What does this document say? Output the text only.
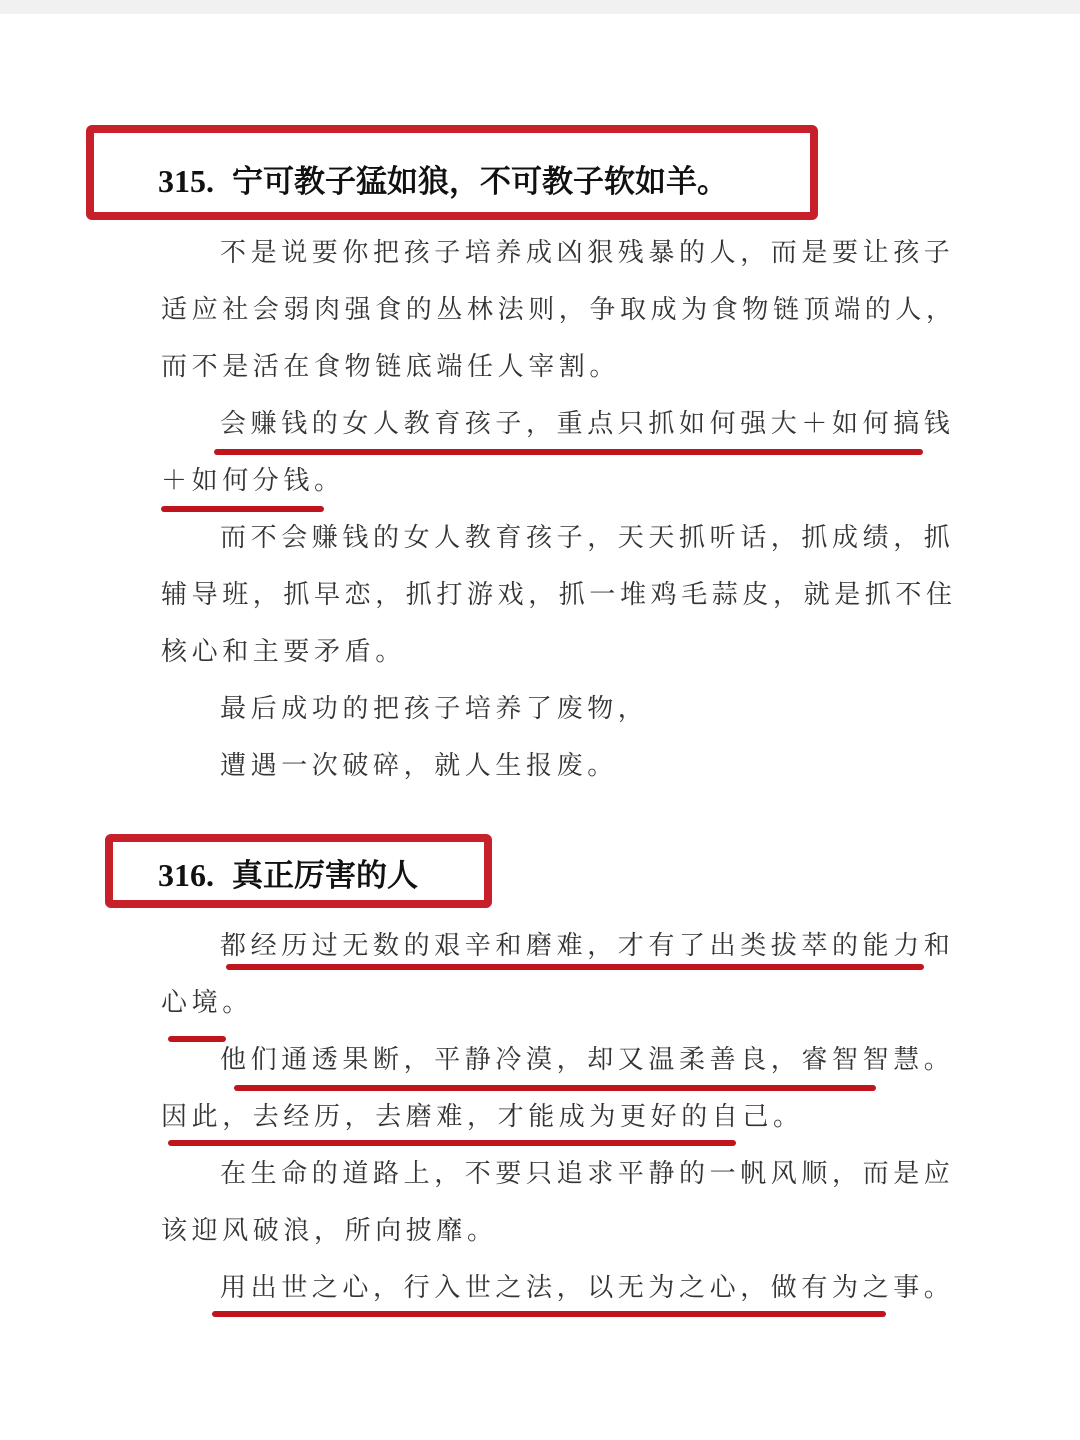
315. 宁可教子猛如狼，不可教子软如羊。
不是说要你把孩子培养成凶狠残暴的人，而是要让孩子
适应社会弱肉强食的丛林法则，争取成为食物链顶端的人，
而不是活在食物链底端任人宰割。
会赚钱的女人教育孩子，重点只抓如何强大＋如何搞钱
＋如何分钱。
而不会赚钱的女人教育孩子，天天抓听话，抓成绩，抓
辅导班，抓早恋，抓打游戏，抓一堆鸡毛蒜皮，就是抓不住
核心和主要矛盾。
最后成功的把孩子培养了废物，
遭遇一次破碎，就人生报废。
316. 真正厉害的人
都经历过无数的艰辛和磨难，才有了出类拔萃的能力和
心境。
他们通透果断，平静冷漠，却又温柔善良，睿智智慧。
因此，去经历，去磨难，才能成为更好的自己。
在生命的道路上，不要只追求平静的一帆风顺，而是应
该迎风破浪，所向披靡。
用出世之心，行入世之法，以无为之心，做有为之事。
